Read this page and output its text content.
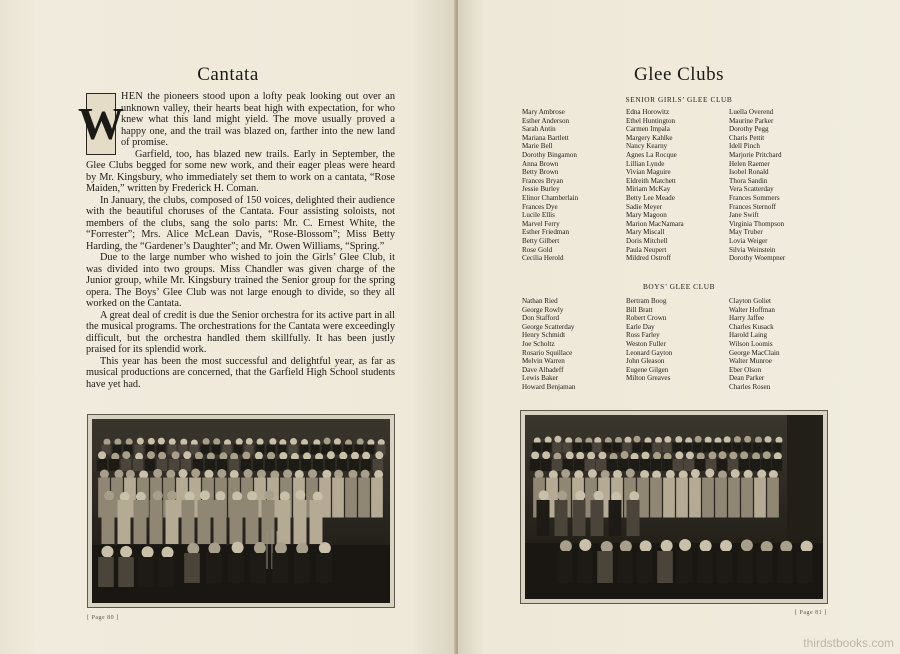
Cantata
W

HEN the pioneers stood upon a lofty peak looking out over an unknown valley, their hearts beat high with expectation, for who knew what this land might yield. The move usually proved a happy one, and the trail was blazed on, farther into the new land of promise.

Garfield, too, has blazed new trails. Early in September, the Glee Clubs begged for some new work, and their eager pleas were heard by Mr. Kingsbury, who immediately set them to work on a cantata, “Rose Maiden,” written by Frederick H. Coman.

In January, the clubs, composed of 150 voices, delighted their audience with the beautiful choruses of the Cantata. Four assisting soloists, not members of the clubs, sang the solo parts: Mr. C. Ernest White, the “Forrester”; Mrs. Alice McLean Davis, “Rose-Blossom”; Miss Betty Harding, the “Gardener’s Daughter”; and Mr. Owen Williams, “Spring.”

Due to the large number who wished to join the Girls’ Glee Club, it was divided into two groups. Miss Chandler was given charge of the Junior group, while Mr. Kingsbury trained the Senior group for the spring opera. The Boys’ Glee Club was not large enough to divide, so they all worked on the Cantata.

A great deal of credit is due the Senior orchestra for its active part in all the musical programs. The orchestrations for the Cantata were exceedingly difficult, but the orchestra handled them skillfully. It has been justly praised for its splendid work.

This year has been the most successful and delightful year, as far as musical productions are concerned, that the Garfield High School students have yet had.

[ Page 80 ]
Glee Clubs
SENIOR GIRLS’ GLEE CLUB
Mary Ambrose
Esther Anderson
Sarah Antin
Mariana Bartlett
Marie Bell
Dorothy Bingamon
Anna Brown
Betty Brown
Frances Bryan
Jessie Burley
Elinor Chamberlain
Frances Dye
Lucile Ellis
Marvel Ferry
Esther Friedman
Betty Gilbert
Rose Gold
Cecilia Herold
Edna Horowitz
Ethel Huntington
Carmen Impala
Margery Kahlke
Nancy Kearny
Agnes La Rocque
Lillian Lynde
Vivian Maguire
Eldreith Matchett
Miriam McKay
Betty Lee Meade
Sadie Meyer
Mary Magoon
Marion MacNamara
Mary Miscall
Doris Mitchell
Paula Neupert
Mildred Ostroff
Luella Overend
Maurine Parker
Dorothy Pegg
Charis Pettit
Idell Pinch
Marjorie Pritchard
Helen Raemer
Isobel Ronald
Thora Sandin
Vera Scatterday
Frances Sommers
Frances Sternoff
Jane Swift
Virginia Thompson
May Truber
Lovia Weiger
Silvia Weinstein
Dorothy Woempner
BOYS’ GLEE CLUB
Nathan Ried
George Rowly
Don Stafford
George Scatterday
Henry Schmidt
Joe Scholtz
Rosario Squillace
Melvin Warren
Dave Alhadeff
Lewis Baker
Howard Benjaman
Bertram Boog
Bill Bratt
Robert Crown
Earle Day
Ross Farley
Weston Fuller
Leonard Gayton
John Gleason
Eugene Gilgen
Milton Greaves
Clayton Goliet
Walter Hoffman
Harry Jaffee
Charles Kusack
Harold Laing
Wilson Loomis
George MacClain
Walter Munroe
Eber Olson
Dean Parker
Charles Rosen
[ Page 81 ]
thirdstbooks.com
